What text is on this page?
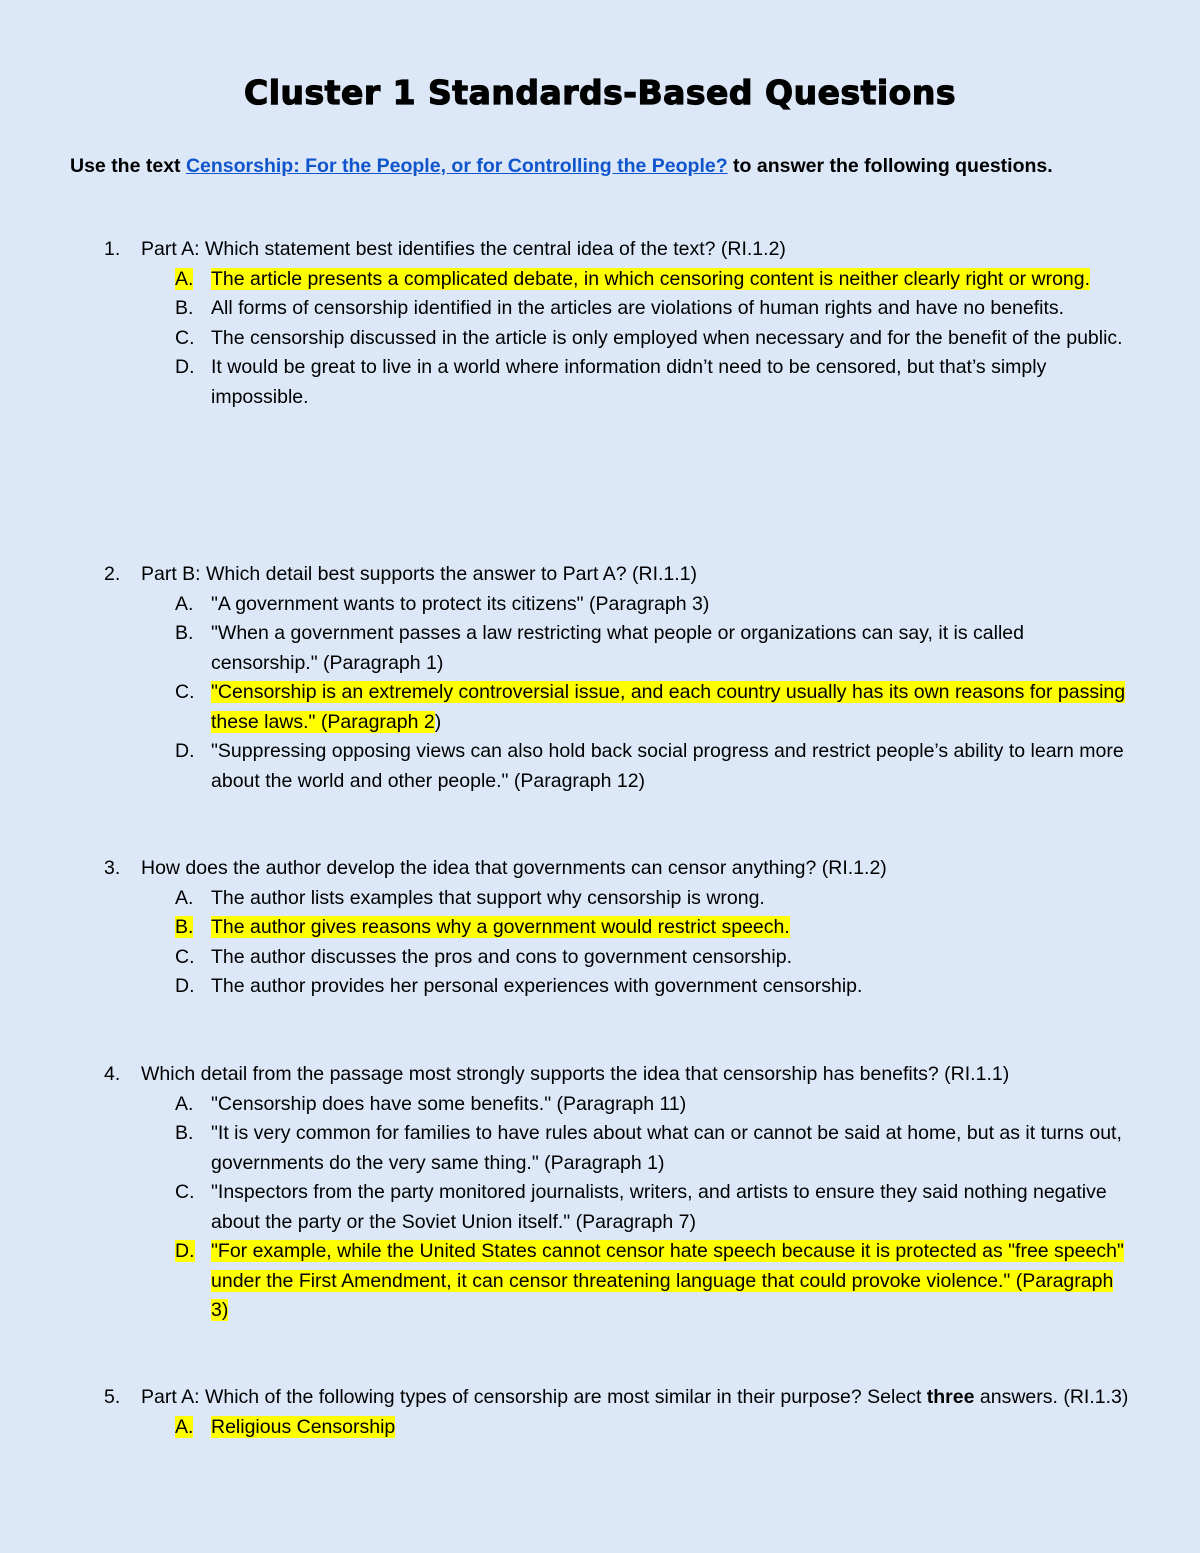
Cluster 1 Standards-Based Questions

Use the text Censorship: For the People, or for Controlling the People? to answer the following questions.

1.	Part A: Which statement best identifies the central idea of the text? (RI.1.2)
A. The article presents a complicated debate, in which censoring content is neither clearly right or wrong.
B. All forms of censorship identified in the articles are violations of human rights and have no benefits.
C. The censorship discussed in the article is only employed when necessary and for the benefit of the public.
D. It would be great to live in a world where information didn’t need to be censored, but that’s simply impossible.
2.	Part B: Which detail best supports the answer to Part A? (RI.1.1)
A. "A government wants to protect its citizens" (Paragraph 3)
B. "When a government passes a law restricting what people or organizations can say, it is called censorship." (Paragraph 1)
C. "Censorship is an extremely controversial issue, and each country usually has its own reasons for passing these laws." (Paragraph 2)
D. "Suppressing opposing views can also hold back social progress and restrict people’s ability to learn more about the world and other people." (Paragraph 12)
3.	How does the author develop the idea that governments can censor anything? (RI.1.2)
A. The author lists examples that support why censorship is wrong.
B. The author gives reasons why a government would restrict speech.
C. The author discusses the pros and cons to government censorship.
D. The author provides her personal experiences with government censorship.
4.	Which detail from the passage most strongly supports the idea that censorship has benefits? (RI.1.1)
A. "Censorship does have some benefits." (Paragraph 11)
B. "It is very common for families to have rules about what can or cannot be said at home, but as it turns out, governments do the very same thing." (Paragraph 1)
C. "Inspectors from the party monitored journalists, writers, and artists to ensure they said nothing negative about the party or the Soviet Union itself." (Paragraph 7)
D. "For example, while the United States cannot censor hate speech because it is protected as "free speech" under the First Amendment, it can censor threatening language that could provoke violence." (Paragraph 3)
5.	Part A: Which of the following types of censorship are most similar in their purpose? Select three answers. (RI.1.3)
A. Religious Censorship
